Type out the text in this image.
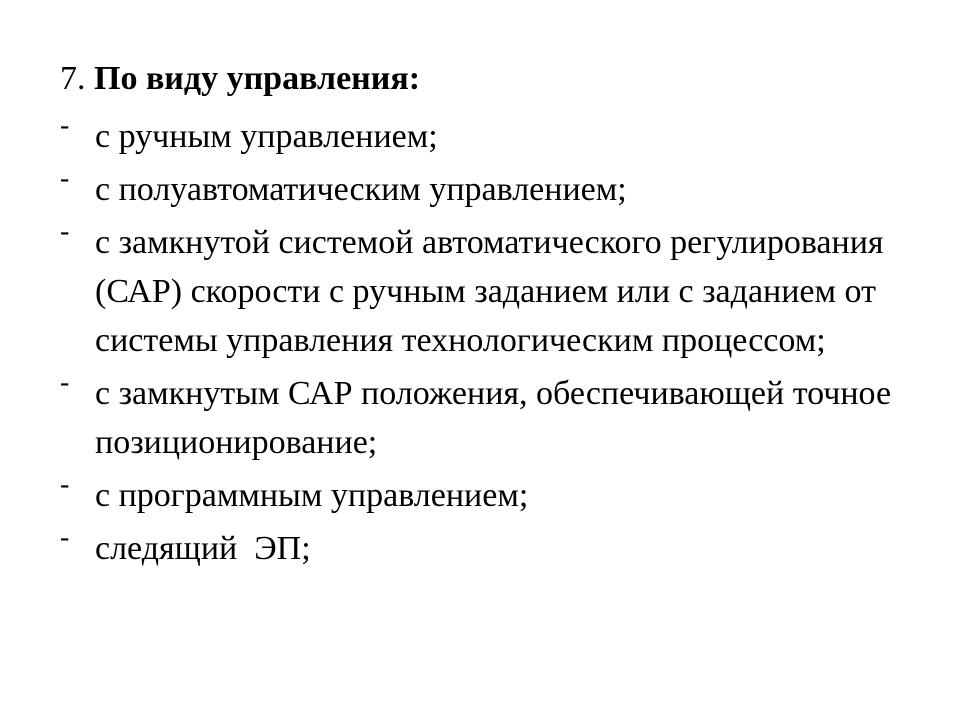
7. По виду управления:
- с ручным управлением;
- с полуавтоматическим управлением;
- с замкнутой системой автоматического регулирования (САР) скорости с ручным заданием или с заданием от системы управления технологическим процессом;
- с замкнутым САР положения, обеспечивающей точное позиционирование;
- с программным управлением;
- следящий  ЭП;
